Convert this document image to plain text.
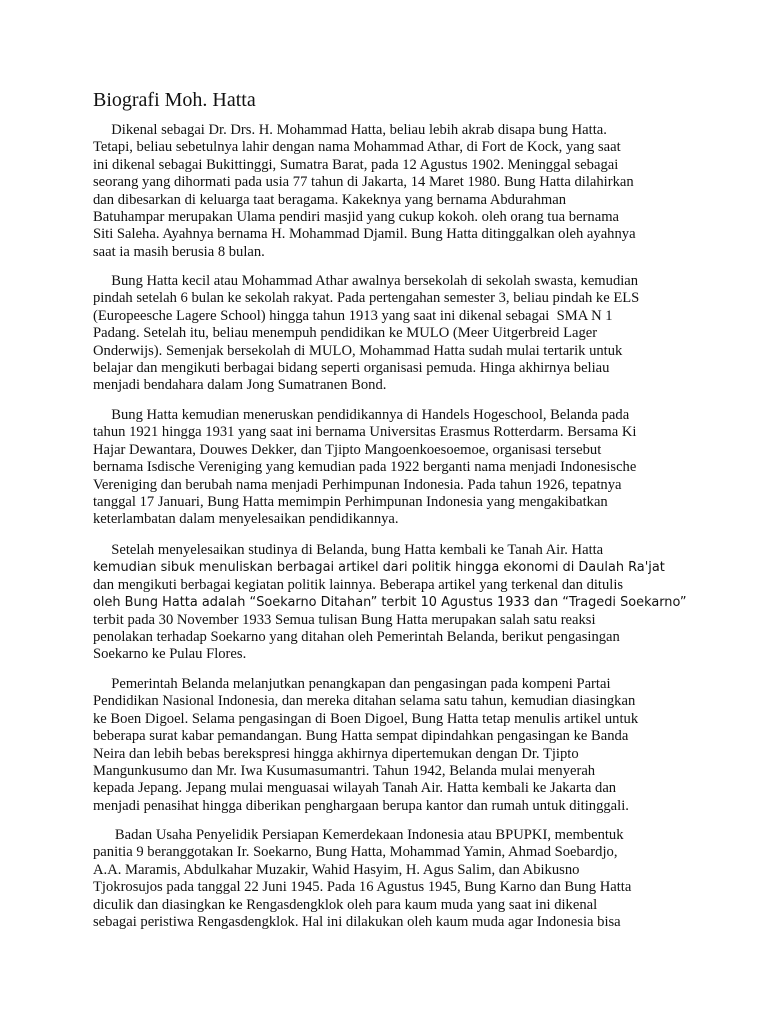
Biografi Moh. Hatta
Dikenal sebagai Dr. Drs. H. Mohammad Hatta, beliau lebih akrab disapa bung Hatta.
Tetapi, beliau sebetulnya lahir dengan nama Mohammad Athar, di Fort de Kock, yang saat
ini dikenal sebagai Bukittinggi, Sumatra Barat, pada 12 Agustus 1902. Meninggal sebagai
seorang yang dihormati pada usia 77 tahun di Jakarta, 14 Maret 1980. Bung Hatta dilahirkan
dan dibesarkan di keluarga taat beragama. Kakeknya yang bernama Abdurahman
Batuhampar merupakan Ulama pendiri masjid yang cukup kokoh. oleh orang tua bernama
Siti Saleha. Ayahnya bernama H. Mohammad Djamil. Bung Hatta ditinggalkan oleh ayahnya
saat ia masih berusia 8 bulan.
Bung Hatta kecil atau Mohammad Athar awalnya bersekolah di sekolah swasta, kemudian
pindah setelah 6 bulan ke sekolah rakyat. Pada pertengahan semester 3, beliau pindah ke ELS
(Europeesche Lagere School) hingga tahun 1913 yang saat ini dikenal sebagai  SMA N 1
Padang. Setelah itu, beliau menempuh pendidikan ke MULO (Meer Uitgerbreid Lager
Onderwijs). Semenjak bersekolah di MULO, Mohammad Hatta sudah mulai tertarik untuk
belajar dan mengikuti berbagai bidang seperti organisasi pemuda. Hinga akhirnya beliau
menjadi bendahara dalam Jong Sumatranen Bond.
Bung Hatta kemudian meneruskan pendidikannya di Handels Hogeschool, Belanda pada
tahun 1921 hingga 1931 yang saat ini bernama Universitas Erasmus Rotterdarm. Bersama Ki
Hajar Dewantara, Douwes Dekker, dan Tjipto Mangoenkoesoemoe, organisasi tersebut
bernama Isdische Vereniging yang kemudian pada 1922 berganti nama menjadi Indonesische
Vereniging dan berubah nama menjadi Perhimpunan Indonesia. Pada tahun 1926, tepatnya
tanggal 17 Januari, Bung Hatta memimpin Perhimpunan Indonesia yang mengakibatkan
keterlambatan dalam menyelesaikan pendidikannya.
Setelah menyelesaikan studinya di Belanda, bung Hatta kembali ke Tanah Air. Hatta
kemudian sibuk menuliskan berbagai artikel dari politik hingga ekonomi di Daulah Ra'jat
dan mengikuti berbagai kegiatan politik lainnya. Beberapa artikel yang terkenal dan ditulis
oleh Bung Hatta adalah “Soekarno Ditahan” terbit 10 Agustus 1933 dan “Tragedi Soekarno”
terbit pada 30 November 1933 Semua tulisan Bung Hatta merupakan salah satu reaksi
penolakan terhadap Soekarno yang ditahan oleh Pemerintah Belanda, berikut pengasingan
Soekarno ke Pulau Flores.
Pemerintah Belanda melanjutkan penangkapan dan pengasingan pada kompeni Partai
Pendidikan Nasional Indonesia, dan mereka ditahan selama satu tahun, kemudian diasingkan
ke Boen Digoel. Selama pengasingan di Boen Digoel, Bung Hatta tetap menulis artikel untuk
beberapa surat kabar pemandangan. Bung Hatta sempat dipindahkan pengasingan ke Banda
Neira dan lebih bebas berekspresi hingga akhirnya dipertemukan dengan Dr. Tjipto
Mangunkusumo dan Mr. Iwa Kusumasumantri. Tahun 1942, Belanda mulai menyerah
kepada Jepang. Jepang mulai menguasai wilayah Tanah Air. Hatta kembali ke Jakarta dan
menjadi penasihat hingga diberikan penghargaan berupa kantor dan rumah untuk ditinggali.
Badan Usaha Penyelidik Persiapan Kemerdekaan Indonesia atau BPUPKI, membentuk
panitia 9 beranggotakan Ir. Soekarno, Bung Hatta, Mohammad Yamin, Ahmad Soebardjo,
A.A. Maramis, Abdulkahar Muzakir, Wahid Hasyim, H. Agus Salim, dan Abikusno
Tjokrosujos pada tanggal 22 Juni 1945. Pada 16 Agustus 1945, Bung Karno dan Bung Hatta
diculik dan diasingkan ke Rengasdengklok oleh para kaum muda yang saat ini dikenal
sebagai peristiwa Rengasdengklok. Hal ini dilakukan oleh kaum muda agar Indonesia bisa
